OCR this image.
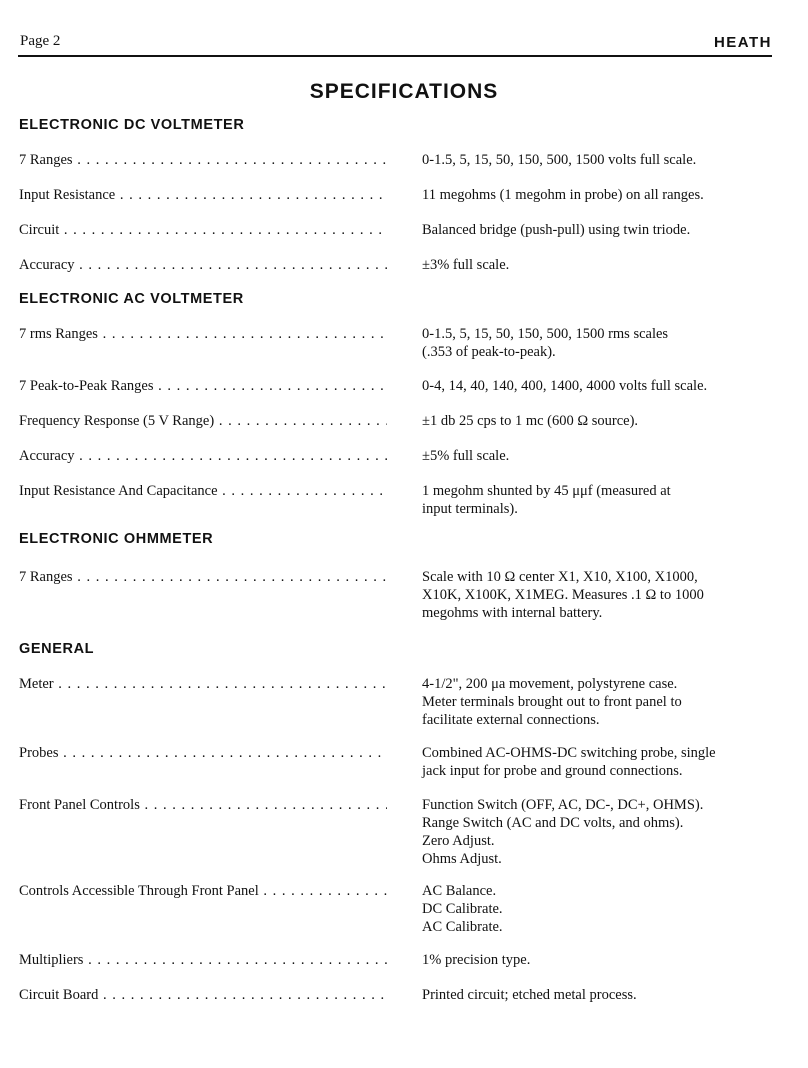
Page 2	HEATH
SPECIFICATIONS
ELECTRONIC DC VOLTMETER
7 Ranges . . .	0-1.5, 5, 15, 50, 150, 500, 1500 volts full scale.
Input Resistance . . .	11 megohms (1 megohm in probe) on all ranges.
Circuit . . .	Balanced bridge (push-pull) using twin triode.
Accuracy . . .	±3% full scale.
ELECTRONIC AC VOLTMETER
7 rms Ranges . . .	0-1.5, 5, 15, 50, 150, 500, 1500 rms scales
(.353 of peak-to-peak).
7 Peak-to-Peak Ranges . . .	0-4, 14, 40, 140, 400, 1400, 4000 volts full scale.
Frequency Response (5 V Range) . . .	±1 db 25 cps to 1 mc (600 Ω source).
Accuracy . . .	±5% full scale.
Input Resistance And Capacitance . . .	1 megohm shunted by 45 μμf (measured at
input terminals).
ELECTRONIC OHMMETER
7 Ranges . . .	Scale with 10 Ω center X1, X10, X100, X1000,
X10K, X100K, X1MEG. Measures .1 Ω to 1000
megohms with internal battery.
GENERAL
Meter . . .	4-1/2", 200 μa movement, polystyrene case.
Meter terminals brought out to front panel to
facilitate external connections.
Probes . . .	Combined AC-OHMS-DC switching probe, single
jack input for probe and ground connections.
Front Panel Controls . . .	Function Switch (OFF, AC, DC-, DC+, OHMS).
Range Switch (AC and DC volts, and ohms).
Zero Adjust.
Ohms Adjust.
Controls Accessible Through Front Panel . . .	AC Balance.
DC Calibrate.
AC Calibrate.
Multipliers . . .	1% precision type.
Circuit Board . . .	Printed circuit; etched metal process.
